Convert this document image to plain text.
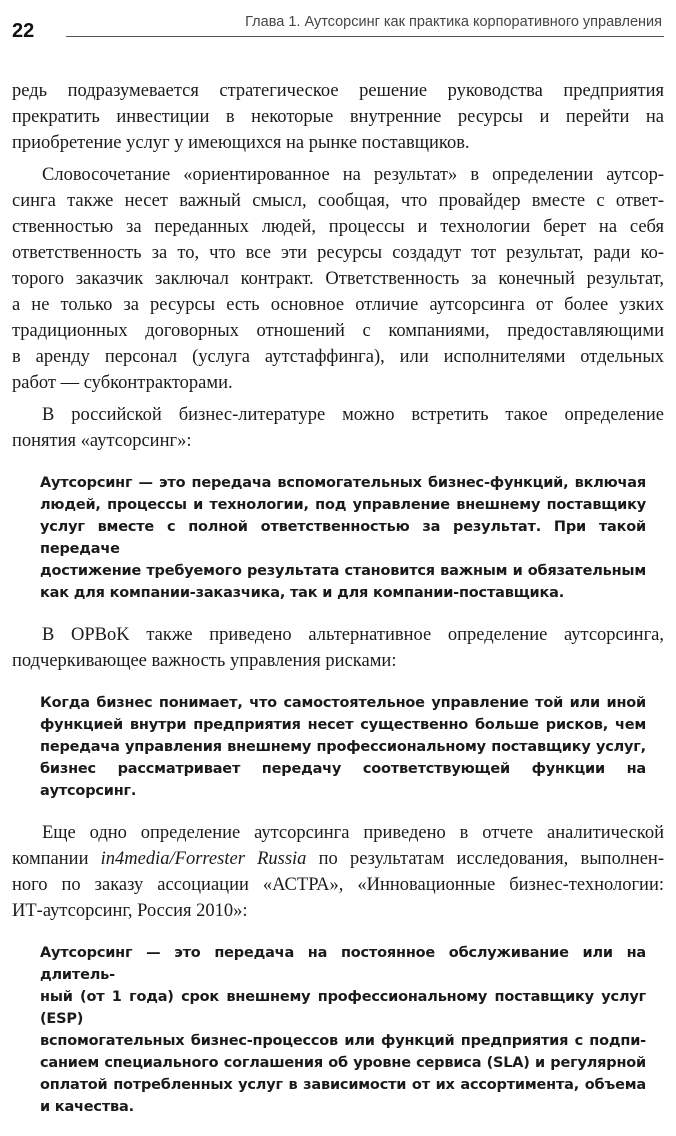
22	Глава 1. Аутсорсинг как практика корпоративного управления
редь подразумевается стратегическое решение руководства предприятия
прекратить инвестиции в некоторые внутренние ресурсы и перейти на
приобретение услуг у имеющихся на рынке поставщиков.
Словосочетание «ориентированное на результат» в определении аутсор-
синга также несет важный смысл, сообщая, что провайдер вместе с ответ-
ственностью за переданных людей, процессы и технологии берет на себя
ответственность за то, что все эти ресурсы создадут тот результат, ради ко-
торого заказчик заключал контракт. Ответственность за конечный результат,
а не только за ресурсы есть основное отличие аутсорсинга от более узких
традиционных договорных отношений с компаниями, предоставляющими
в аренду персонал (услуга аутстаффинга), или исполнителями отдельных
работ — субконтракторами.
В российской бизнес-литературе можно встретить такое определение
понятия «аутсорсинг»:
Аутсорсинг — это передача вспомогательных бизнес-функций, включая
людей, процессы и технологии, под управление внешнему поставщику
услуг вместе с полной ответственностью за результат. При такой передаче
достижение требуемого результата становится важным и обязательным
как для компании-заказчика, так и для компании-поставщика.
В OPBoK также приведено альтернативное определение аутсорсинга,
подчеркивающее важность управления рисками:
Когда бизнес понимает, что самостоятельное управление той или иной
функцией внутри предприятия несет существенно больше рисков, чем
передача управления внешнему профессиональному поставщику услуг,
бизнес рассматривает передачу соответствующей функции на аутсорсинг.
Еще одно определение аутсорсинга приведено в отчете аналитической
компании in4media/Forrester Russia по результатам исследования, выполнен-
ного по заказу ассоциации «АСТРА», «Инновационные бизнес-технологии:
ИТ-аутсорсинг, Россия 2010»:
Аутсорсинг — это передача на постоянное обслуживание или на длитель-
ный (от 1 года) срок внешнему профессиональному поставщику услуг (ESP)
вспомогательных бизнес-процессов или функций предприятия с подпи-
санием специального соглашения об уровне сервиса (SLA) и регулярной
оплатой потребленных услуг в зависимости от их ассортимента, объема
и качества.
